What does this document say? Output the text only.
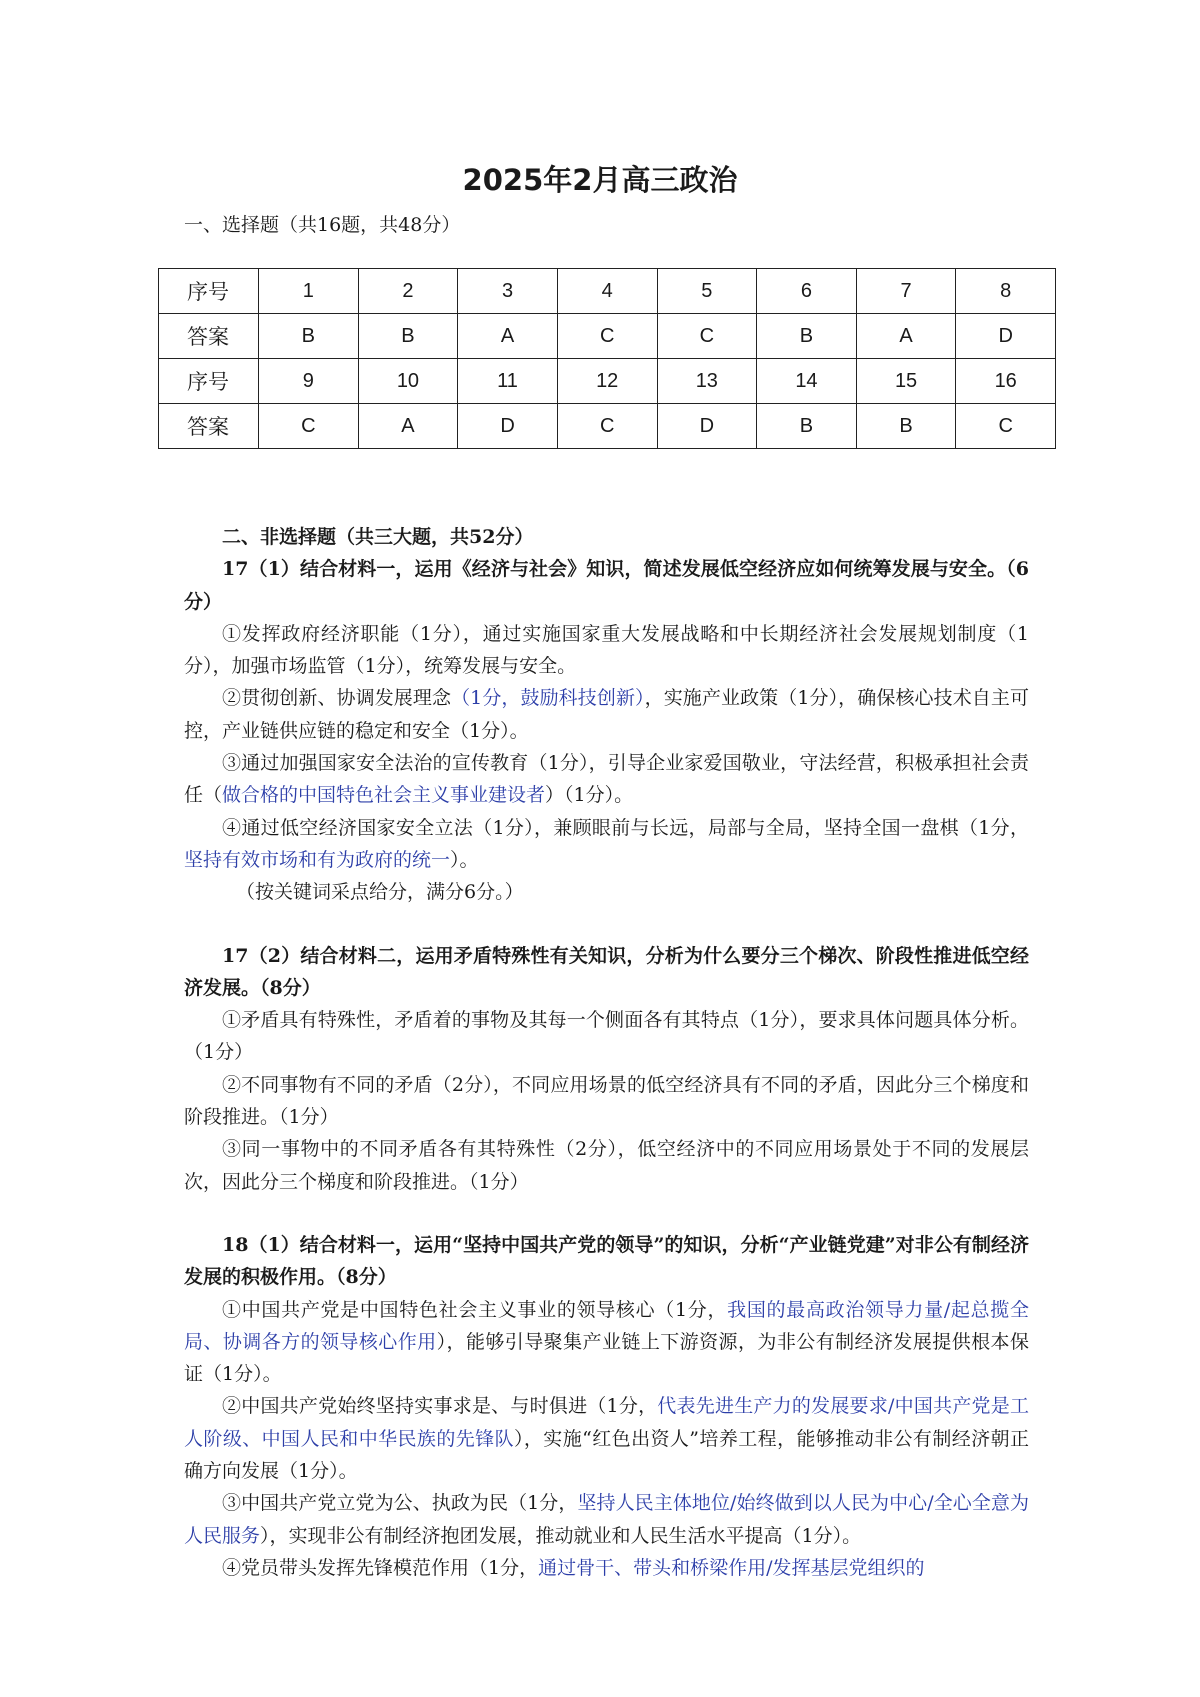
2025年2月高三政治
一、选择题（共16题，共48分）
序号	1	2	3	4	5	6	7	8
答案	B	B	A	C	C	B	A	D
序号	9	10	11	12	13	14	15	16
答案	C	A	D	C	D	B	B	C

二、非选择题（共三大题，共52分）

17（1）结合材料一，运用《经济与社会》知识，简述发展低空经济应如何统筹发展与安全。（6分）

①发挥政府经济职能（1分），通过实施国家重大发展战略和中长期经济社会发展规划制度（1分），加强市场监管（1分），统筹发展与安全。

②贯彻创新、协调发展理念（1分，鼓励科技创新），实施产业政策（1分），确保核心技术自主可控，产业链供应链的稳定和安全（1分）。

③通过加强国家安全法治的宣传教育（1分），引导企业家爱国敬业，守法经营，积极承担社会责任（做合格的中国特色社会主义事业建设者）（1分）。

④通过低空经济国家安全立法（1分），兼顾眼前与长远，局部与全局，坚持全国一盘棋（1分，坚持有效市场和有为政府的统一）。

（按关键词采点给分，满分6分。）

17（2）结合材料二，运用矛盾特殊性有关知识，分析为什么要分三个梯次、阶段性推进低空经济发展。（8分）

①矛盾具有特殊性，矛盾着的事物及其每一个侧面各有其特点（1分），要求具体问题具体分析。（1分）

②不同事物有不同的矛盾（2分），不同应用场景的低空经济具有不同的矛盾，因此分三个梯度和阶段推进。（1分）

③同一事物中的不同矛盾各有其特殊性（2分），低空经济中的不同应用场景处于不同的发展层次，因此分三个梯度和阶段推进。（1分）

18（1）结合材料一，运用“坚持中国共产党的领导”的知识，分析“产业链党建”对非公有制经济发展的积极作用。（8分）

①中国共产党是中国特色社会主义事业的领导核心（1分，我国的最高政治领导力量/起总揽全局、协调各方的领导核心作用），能够引导聚集产业链上下游资源，为非公有制经济发展提供根本保证（1分）。

②中国共产党始终坚持实事求是、与时俱进（1分，代表先进生产力的发展要求/中国共产党是工人阶级、中国人民和中华民族的先锋队），实施“红色出资人”培养工程，能够推动非公有制经济朝正确方向发展（1分）。

③中国共产党立党为公、执政为民（1分，坚持人民主体地位/始终做到以人民为中心/全心全意为人民服务），实现非公有制经济抱团发展，推动就业和人民生活水平提高（1分）。

④党员带头发挥先锋模范作用（1分，通过骨干、带头和桥梁作用/发挥基层党组织的
